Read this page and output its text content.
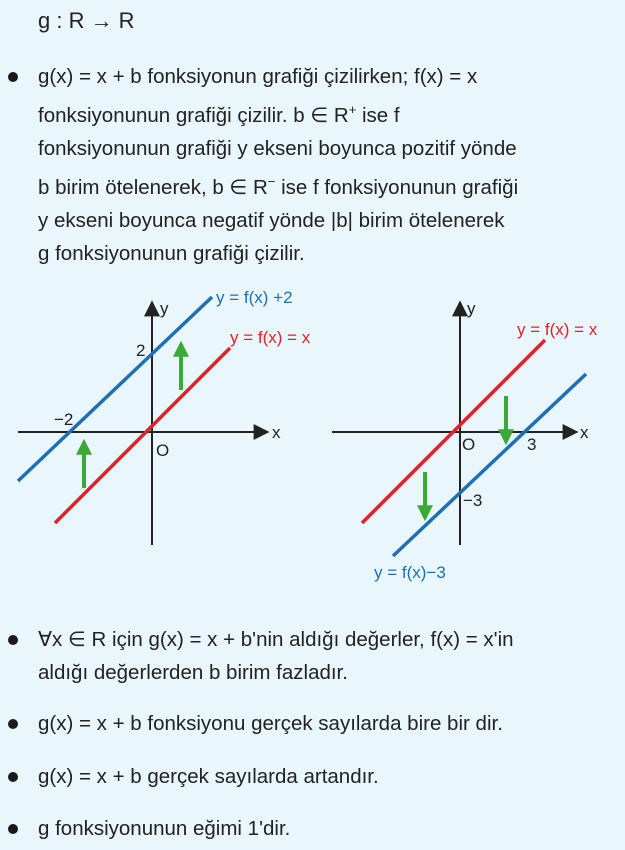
g : R → R
g(x) = x + b fonksiyonun grafiği çizilirken; f(x) = x
fonksiyonunun grafiği çizilir. b ∈ R+ ise f
fonksiyonunun grafiği y ekseni boyunca pozitif yönde
b birim ötelenerek, b ∈ R− ise f fonksiyonunun grafiği
y ekseni boyunca negatif yönde |b| birim ötelenerek
g fonksiyonunun grafiği çizilir.
y
x
O
2
−2
y = f(x) +2
y = f(x) = x
y
x
O	3
−3
y = f(x) = x
y = f(x)−3
∀x ∈ R için g(x) = x + b'nin aldığı değerler, f(x) = x'in
aldığı değerlerden b birim fazladır.
g(x) = x + b fonksiyonu gerçek sayılarda bire bir dir.
g(x) = x + b gerçek sayılarda artandır.
g fonksiyonunun eğimi 1'dir.
